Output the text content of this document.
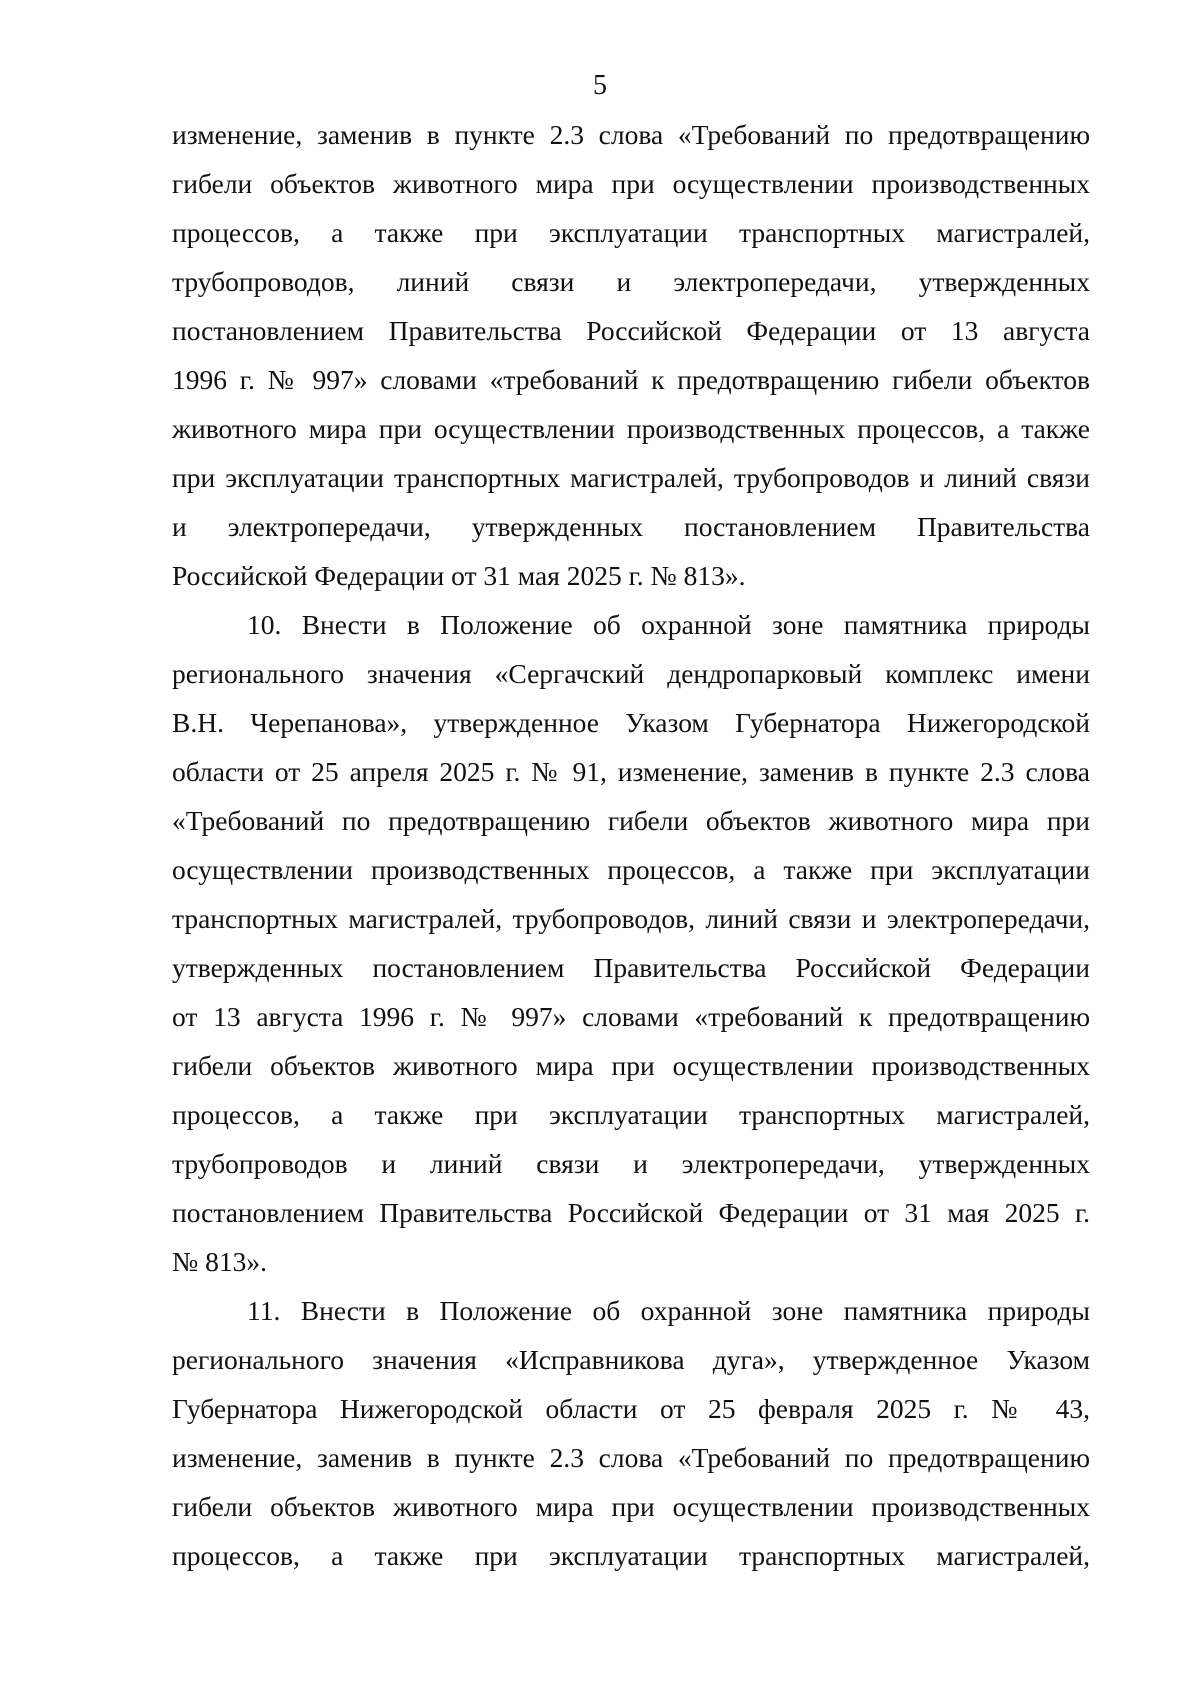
5
изменение, заменив в пункте 2.3 слова «Требований по предотвращению
гибели объектов животного мира при осуществлении производственных
процессов, а также при эксплуатации транспортных магистралей,
трубопроводов, линий связи и электропередачи, утвержденных
постановлением Правительства Российской Федерации от 13 августа
1996 г. № 997» словами «требований к предотвращению гибели объектов
животного мира при осуществлении производственных процессов, а также
при эксплуатации транспортных магистралей, трубопроводов и линий связи
и электропередачи, утвержденных постановлением Правительства
Российской Федерации от 31 мая 2025 г. № 813».
10. Внести в Положение об охранной зоне памятника природы
регионального значения «Сергачский дендропарковый комплекс имени
В.Н. Черепанова», утвержденное Указом Губернатора Нижегородской
области от 25 апреля 2025 г. № 91, изменение, заменив в пункте 2.3 слова
«Требований по предотвращению гибели объектов животного мира при
осуществлении производственных процессов, а также при эксплуатации
транспортных магистралей, трубопроводов, линий связи и электропередачи,
утвержденных постановлением Правительства Российской Федерации
от 13 августа 1996 г. № 997» словами «требований к предотвращению
гибели объектов животного мира при осуществлении производственных
процессов, а также при эксплуатации транспортных магистралей,
трубопроводов и линий связи и электропередачи, утвержденных
постановлением Правительства Российской Федерации от 31 мая 2025 г.
№ 813».
11. Внести в Положение об охранной зоне памятника природы
регионального значения «Исправникова дуга», утвержденное Указом
Губернатора Нижегородской области от 25 февраля 2025 г. № 43,
изменение, заменив в пункте 2.3 слова «Требований по предотвращению
гибели объектов животного мира при осуществлении производственных
процессов, а также при эксплуатации транспортных магистралей,
